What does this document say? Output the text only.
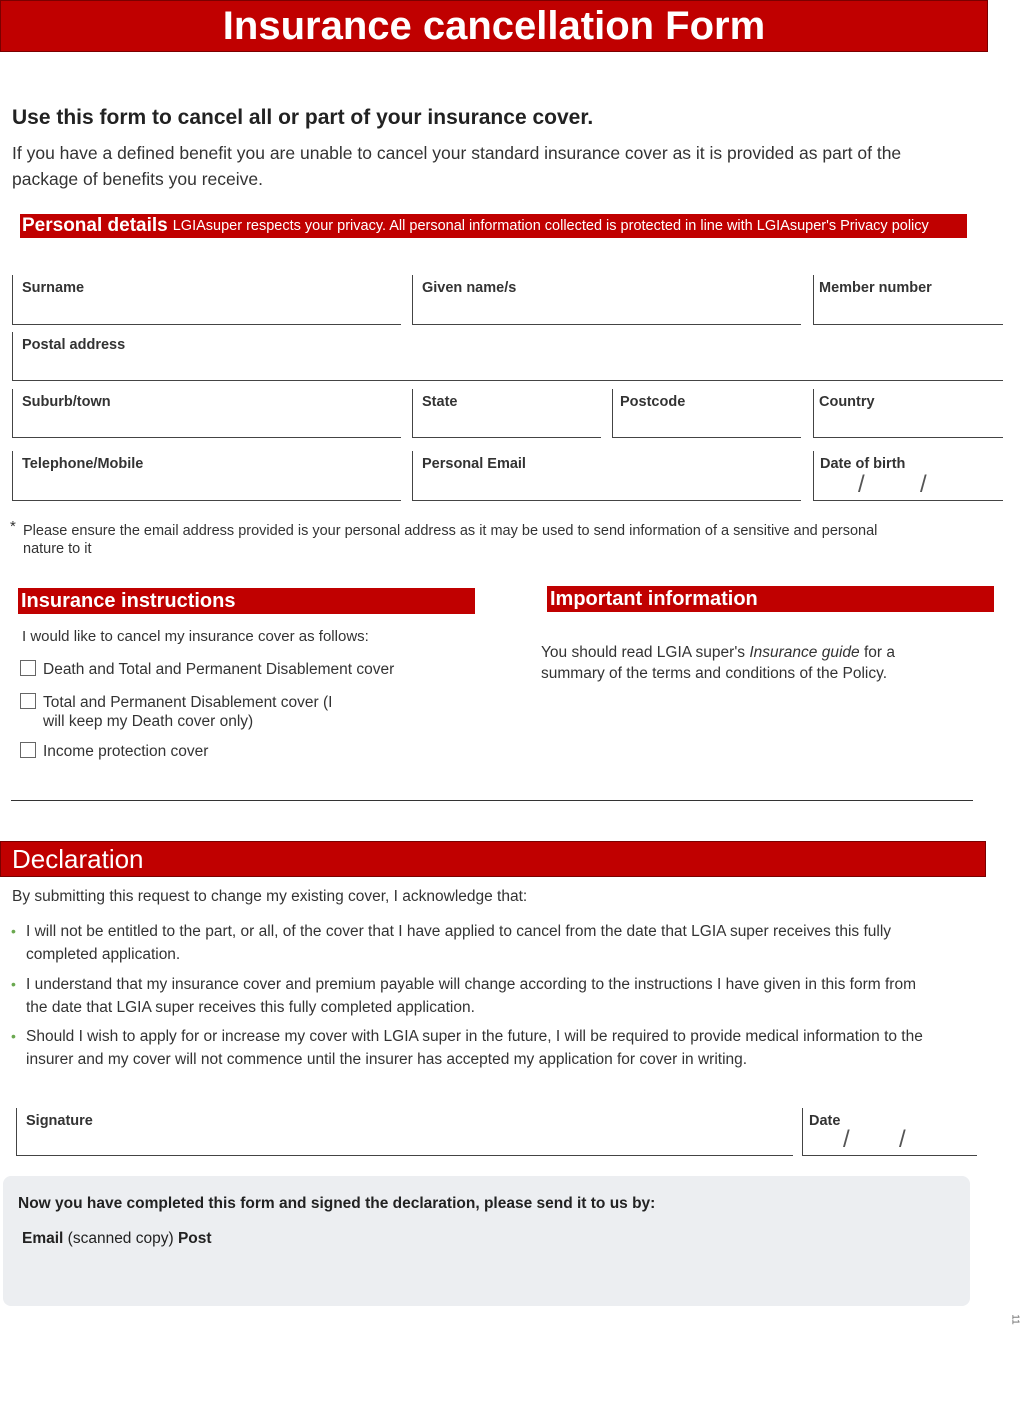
Insurance cancellation Form
Use this form to cancel all or part of your insurance cover.
If you have a defined benefit you are unable to cancel your standard insurance cover as it is provided as part of the package of benefits you receive.
Personal details LGIAsuper respects your privacy. All personal information collected is protected in line with LGIAsuper's Privacy policy
Surname	Given name/s	Member number
Postal address
Suburb/town	State	Postcode	Country
Telephone/Mobile	Personal Email	Date of birth
/ /
* Please ensure the email address provided is your personal address as it may be used to send information of a sensitive and personal nature to it
Insurance instructions
I would like to cancel my insurance cover as follows:
Death and Total and Permanent Disablement cover
Total and Permanent Disablement cover (I will keep my Death cover only)
Income protection cover
Important information
You should read LGIA super's Insurance guide for a summary of the terms and conditions of the Policy.
Declaration
By submitting this request to change my existing cover, I acknowledge that:
• I will not be entitled to the part, or all, of the cover that I have applied to cancel from the date that LGIA super receives this fully completed application.
• I understand that my insurance cover and premium payable will change according to the instructions I have given in this form from the date that LGIA super receives this fully completed application.
• Should I wish to apply for or increase my cover with LGIA super in the future, I will be required to provide medical information to the insurer and my cover will not commence until the insurer has accepted my application for cover in writing.
Signature	Date
/ /
Now you have completed this form and signed the declaration, please send it to us by:
Email (scanned copy) Post
11
